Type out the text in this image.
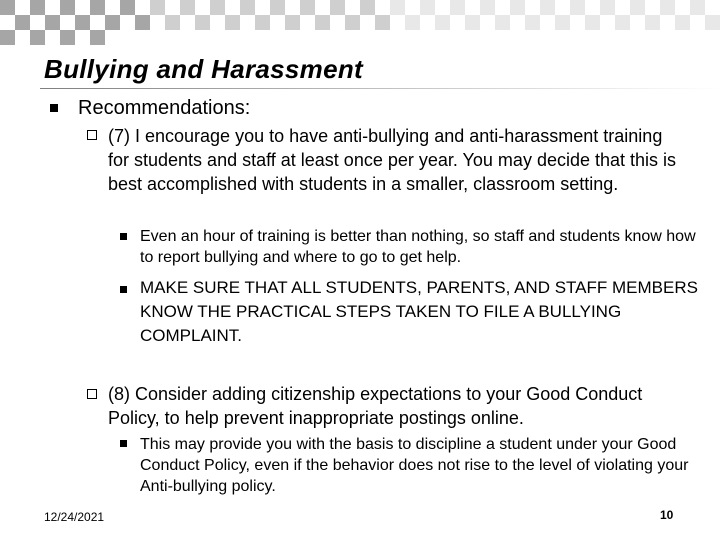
Bullying and Harassment
Recommendations:
(7) I encourage you to have anti-bullying and anti-harassment training for students and staff at least once per year. You may decide that this is best accomplished with students in a smaller, classroom setting.
Even an hour of training is better than nothing, so staff and students know how to report bullying and where to go to get help.
MAKE SURE THAT ALL STUDENTS, PARENTS, AND STAFF MEMBERS KNOW THE PRACTICAL STEPS TAKEN TO FILE A BULLYING COMPLAINT.
(8) Consider adding citizenship expectations to your Good Conduct Policy, to help prevent inappropriate postings online.
This may provide you with the basis to discipline a student under your Good Conduct Policy, even if the behavior does not rise to the level of violating your Anti-bullying policy.
12/24/2021	10
